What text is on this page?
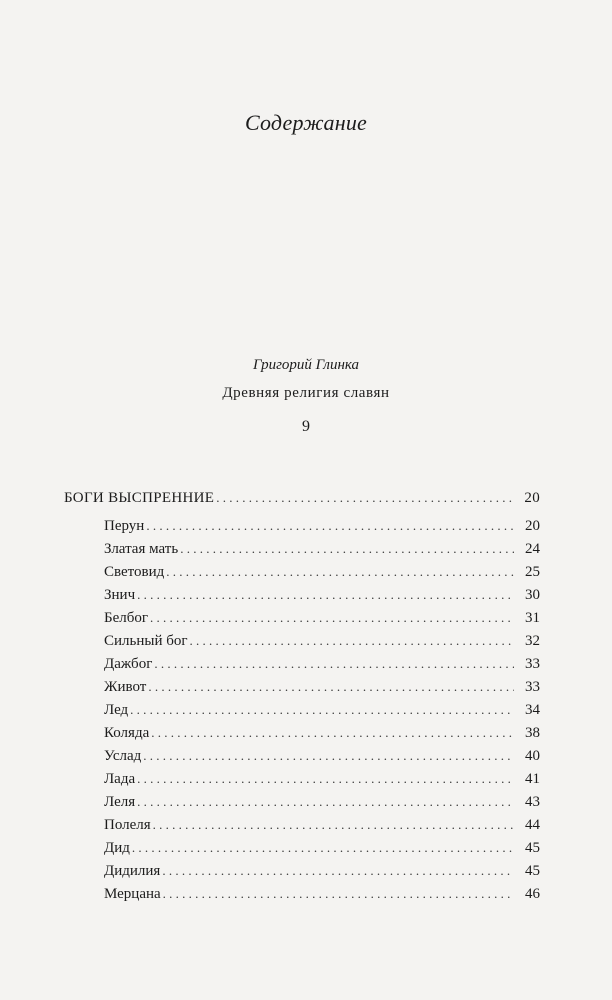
Содержание
Григорий Глинка
Древняя религия славян
9
БОГИ ВЫСПРЕННИЕ . . .	20
Перун . . .	20
Златая мать . . .	24
Световид . . .	25
Знич . . .	30
Белбог . . .	31
Сильный бог . . .	32
Дажбог . . .	33
Живот . . .	33
Лед . . .	34
Коляда . . .	38
Услад . . .	40
Лада . . .	41
Леля . . .	43
Полеля . . .	44
Дид . . .	45
Дидилия . . .	45
Мерцана . . .	46
